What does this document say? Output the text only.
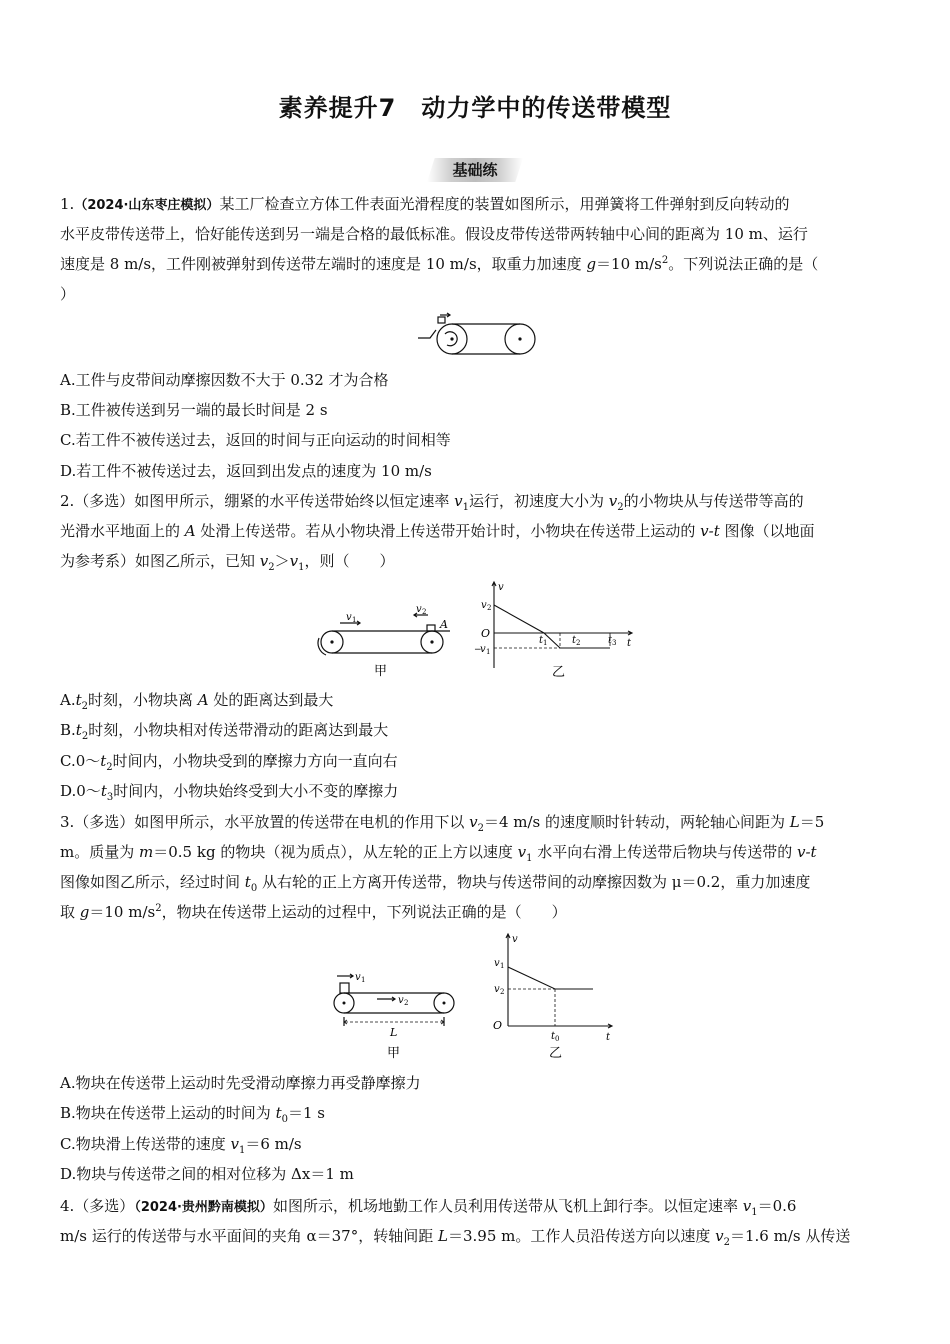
素养提升7　动力学中的传送带模型
基础练
1.（2024·山东枣庄模拟）某工厂检查立方体工件表面光滑程度的装置如图所示，用弹簧将工件弹射到反向转动的
水平皮带传送带上，恰好能传送到另一端是合格的最低标准。假设皮带传送带两转轴中心间的距离为 10 m、运行
速度是 8 m/s，工件刚被弹射到传送带左端时的速度是 10 m/s，取重力加速度 g＝10 $m/s^2$。下列说法正确的是（
）
A.工件与皮带间动摩擦因数不大于 0.32 才为合格
B.工件被传送到另一端的最长时间是 2 s
C.若工件不被传送过去，返回的时间与正向运动的时间相等
D.若工件不被传送过去，返回到出发点的速度为 10 m/s
2.（多选）如图甲所示，绷紧的水平传送带始终以恒定速率 $v_1$运行，初速度大小为 $v_2$的小物块从与传送带等高的
光滑水平地面上的 A 处滑上传送带。若从小物块滑上传送带开始计时，小物块在传送带上运动的 v-t 图像（以地面
为参考系）如图乙所示，已知 $v_2>v_1$，则（　　）
v 1
v 2
A
甲
v
t
v 2
O
−
v 1
t 1 t 2	t 3
乙
$A.t_2$时刻，小物块离 A 处的距离达到最大
$B.t_2$时刻，小物块相对传送带滑动的距离达到最大
$C.0\sim t_2$时间内，小物块受到的摩擦力方向一直向右
$D.0\sim t_3$时间内，小物块始终受到大小不变的摩擦力
3.（多选）如图甲所示，水平放置的传送带在电机的作用下以 $v_2=4$ m/s 的速度顺时针转动，两轮轴心间距为 L＝5
m。质量为 m＝0.5 kg 的物块（视为质点），从左轮的正上方以速度 $v_1$ 水平向右滑上传送带后物块与传送带的 v-t
图像如图乙所示，经过时间 $t_0$ 从右轮的正上方离开传送带，物块与传送带间的动摩擦因数为 μ＝0.2，重力加速度
取 g＝10 $m/s^2$，物块在传送带上运动的过程中，下列说法正确的是（　　）
v 1
v 2
L
甲
v
t
v 1
v 2
O
t 0
乙
A.物块在传送带上运动时先受滑动摩擦力再受静摩擦力
B.物块在传送带上运动的时间为 $t_0=1$ s
C.物块滑上传送带的速度 $v_1=6$ m/s
D.物块与传送带之间的相对位移为 Δx＝1 m
4.（多选）（2024·贵州黔南模拟）如图所示，机场地勤工作人员利用传送带从飞机上卸行李。以恒定速率 $v_1=0.6$
m/s 运行的传送带与水平面间的夹角 α＝37°，转轴间距 L＝3.95 m。工作人员沿传送方向以速度 $v_2=1.6$ m/s 从传送
